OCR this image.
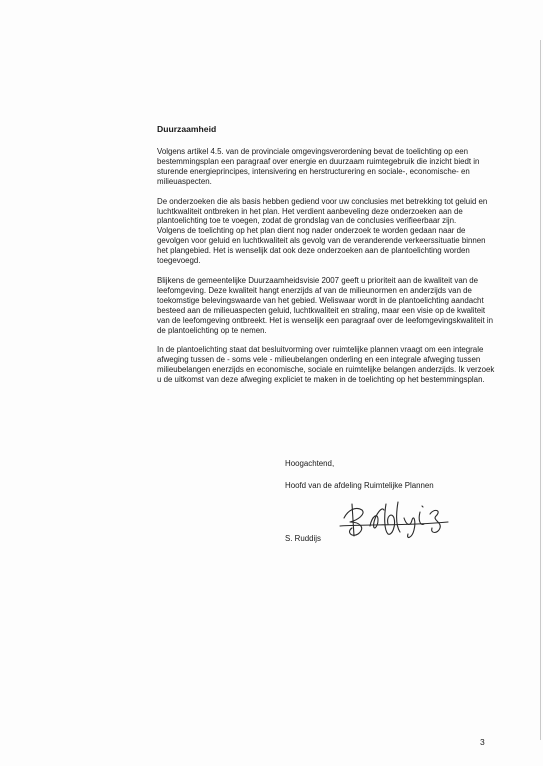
Duurzaamheid

Volgens artikel 4.5. van de provinciale omgevingsverordening bevat de toelichting op een bestemmingsplan een paragraaf over energie en duurzaam ruimtegebruik die inzicht biedt in sturende energieprincipes, intensivering en herstructurering en sociale-, economische- en milieuaspecten.

De onderzoeken die als basis hebben gediend voor uw conclusies met betrekking tot geluid en luchtkwaliteit ontbreken in het plan. Het verdient aanbeveling deze onderzoeken aan de plantoelichting toe te voegen, zodat de grondslag van de conclusies verifieerbaar zijn.

Volgens de toelichting op het plan dient nog nader onderzoek te worden gedaan naar de gevolgen voor geluid en luchtkwaliteit als gevolg van de veranderende verkeerssituatie binnen het plangebied. Het is wenselijk dat ook deze onderzoeken aan de plantoelichting worden toegevoegd.

Blijkens de gemeentelijke Duurzaamheidsvisie 2007 geeft u prioriteit aan de kwaliteit van de leefomgeving. Deze kwaliteit hangt enerzijds af van de milieunormen en anderzijds van de toekomstige belevingswaarde van het gebied. Weliswaar wordt in de plantoelichting aandacht besteed aan de milieuaspecten geluid, luchtkwaliteit en straling, maar een visie op de kwaliteit van de leefomgeving ontbreekt. Het is wenselijk een paragraaf over de leefomgevingskwaliteit in de plantoelichting op te nemen.

In de plantoelichting staat dat besluitvorming over ruimtelijke plannen vraagt om een integrale afweging tussen de - soms vele - milieubelangen onderling en een integrale afweging tussen milieubelangen enerzijds en economische, sociale en ruimtelijke belangen anderzijds. Ik verzoek u de uitkomst van deze afweging expliciet te maken in de toelichting op het bestemmingsplan.

Hoogachtend,
Hoofd van de afdeling Ruimtelijke Plannen
S. Ruddijs
3
